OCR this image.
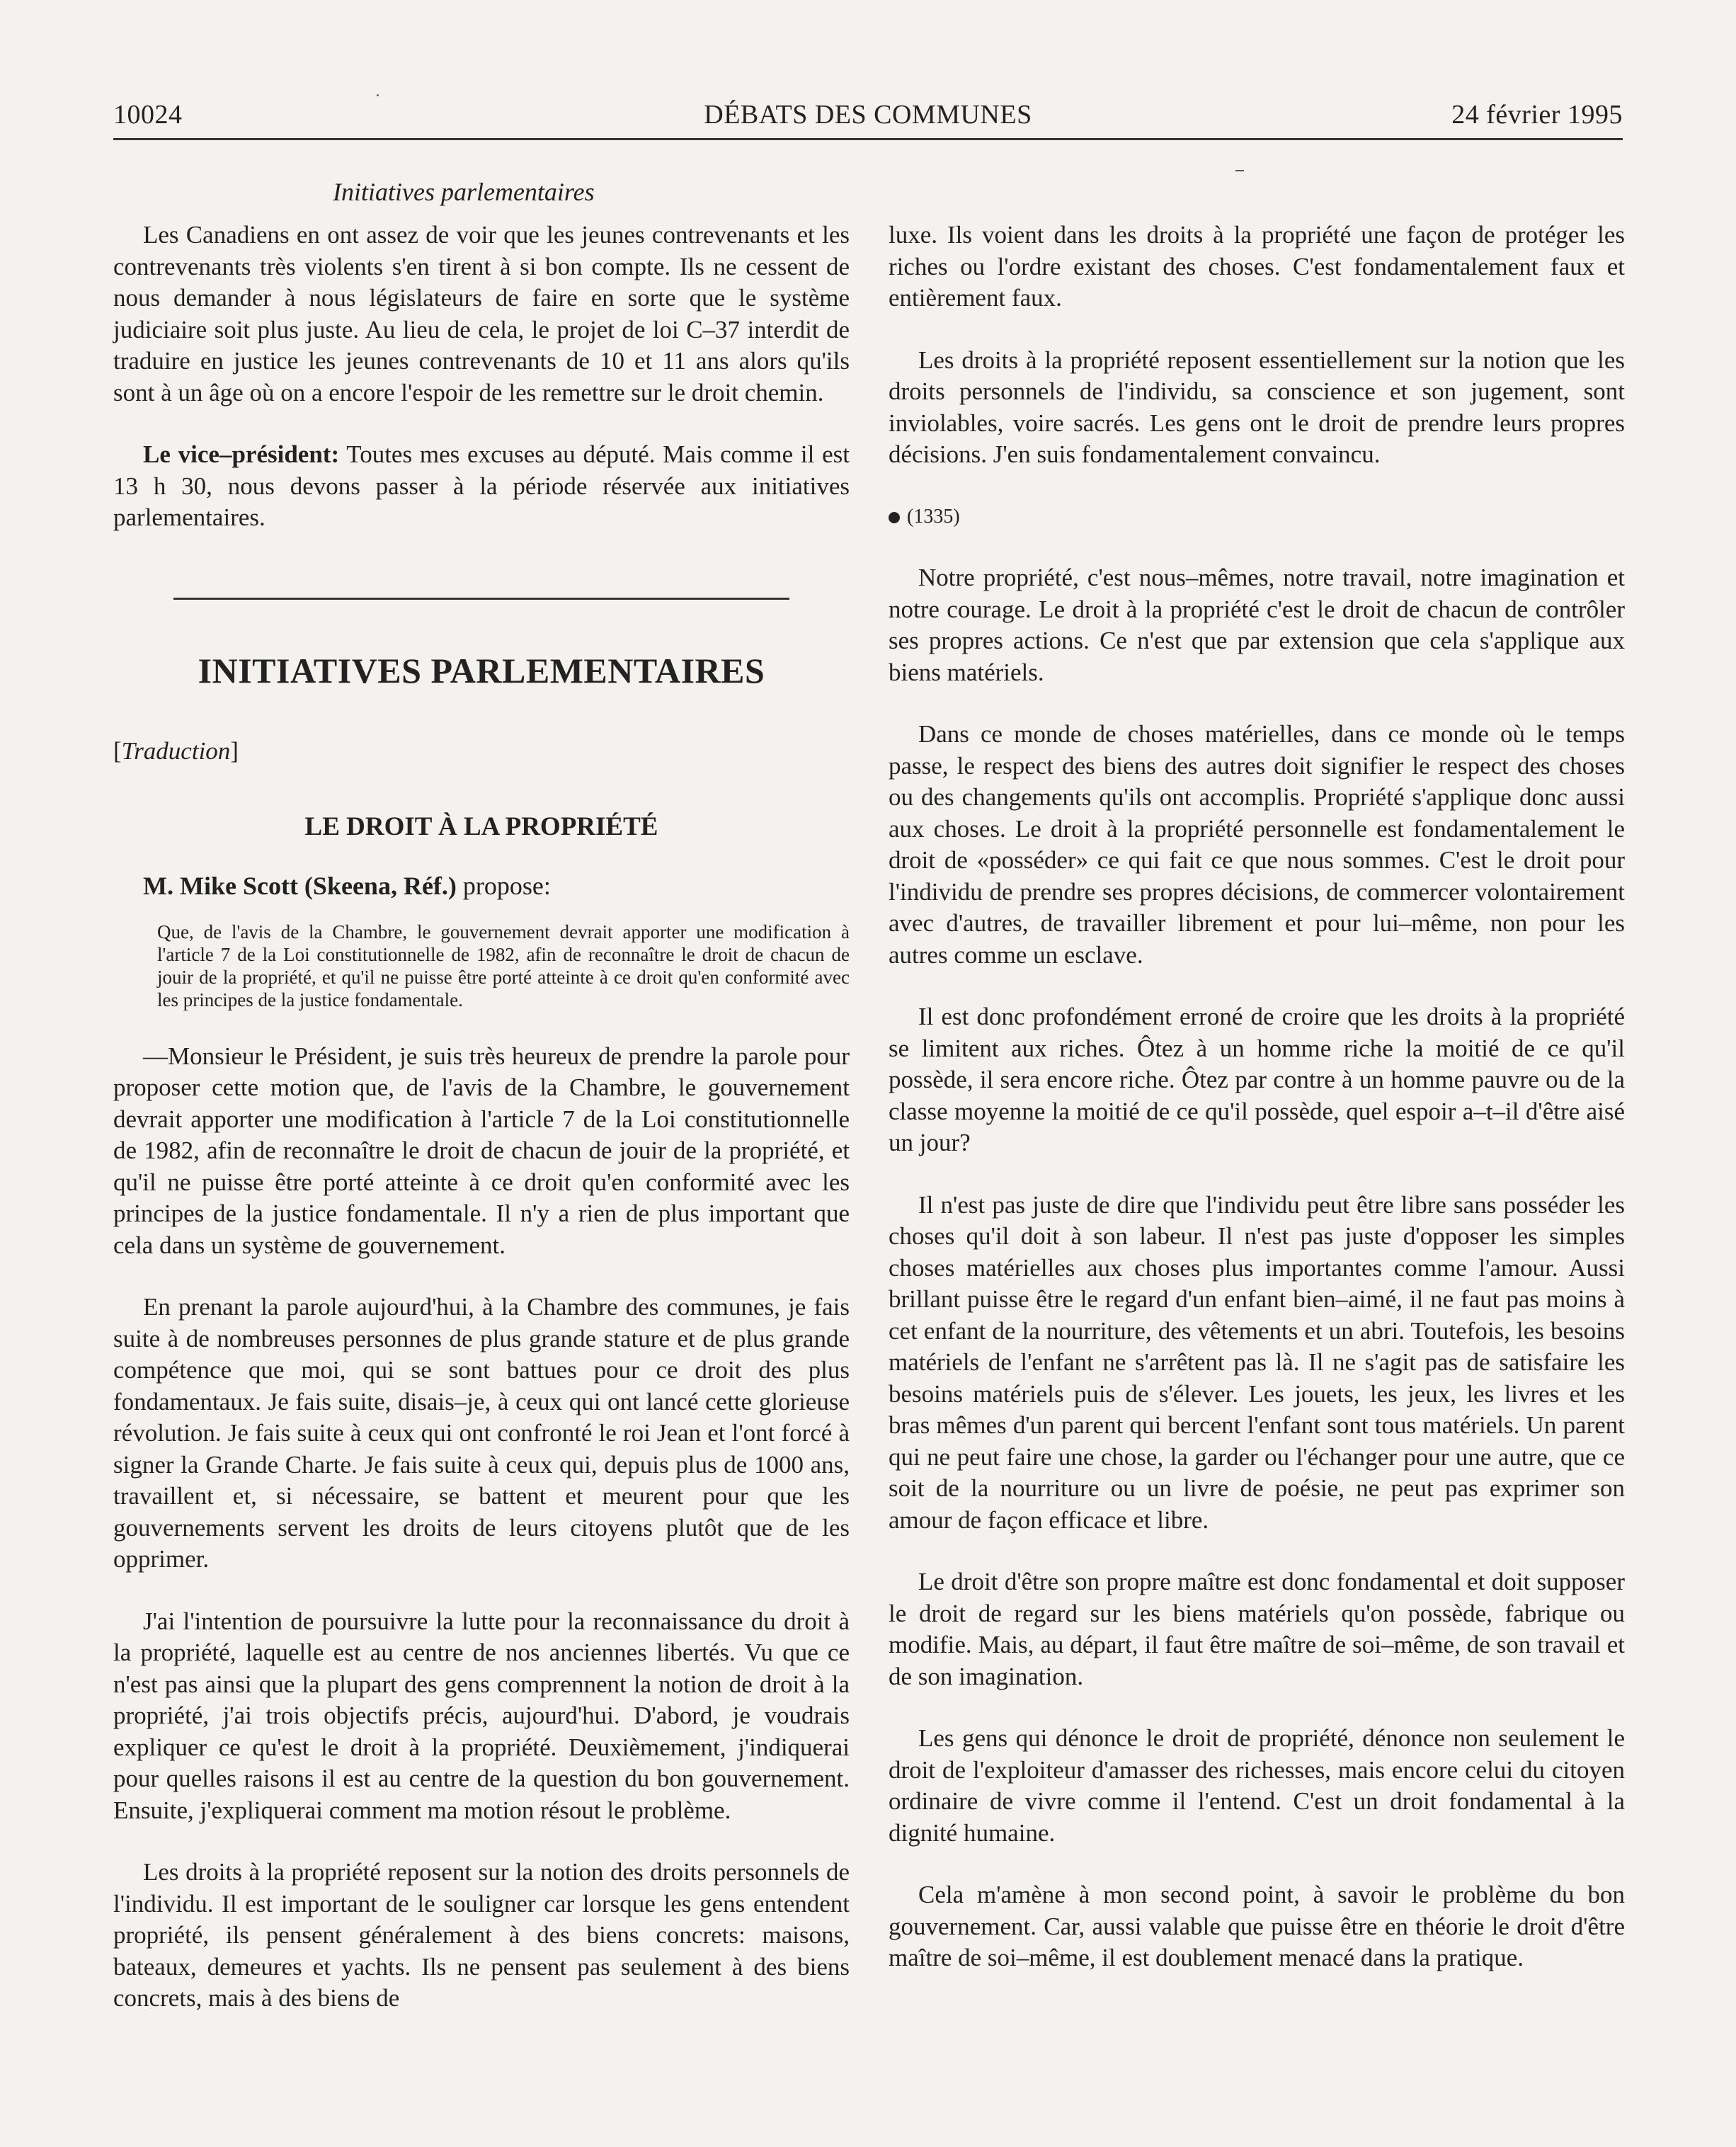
10024	DÉBATS DES COMMUNES	24 février 1995
Initiatives parlementaires

Les Canadiens en ont assez de voir que les jeunes contrevenants et les contrevenants très violents s'en tirent à si bon compte. Ils ne cessent de nous demander à nous législateurs de faire en sorte que le système judiciaire soit plus juste. Au lieu de cela, le projet de loi C–37 interdit de traduire en justice les jeunes contrevenants de 10 et 11 ans alors qu'ils sont à un âge où on a encore l'espoir de les remettre sur le droit chemin.

Le vice–président: Toutes mes excuses au député. Mais comme il est 13 h 30, nous devons passer à la période réservée aux initiatives parlementaires.

INITIATIVES PARLEMENTAIRES
[Traduction]
LE DROIT À LA PROPRIÉTÉ
M. Mike Scott (Skeena, Réf.) propose:
Que, de l'avis de la Chambre, le gouvernement devrait apporter une modification à l'article 7 de la Loi constitutionnelle de 1982, afin de reconnaître le droit de chacun de jouir de la propriété, et qu'il ne puisse être porté atteinte à ce droit qu'en conformité avec les principes de la justice fondamentale.

—Monsieur le Président, je suis très heureux de prendre la parole pour proposer cette motion que, de l'avis de la Chambre, le gouvernement devrait apporter une modification à l'article 7 de la Loi constitutionnelle de 1982, afin de reconnaître le droit de chacun de jouir de la propriété, et qu'il ne puisse être porté atteinte à ce droit qu'en conformité avec les principes de la justice fondamentale. Il n'y a rien de plus important que cela dans un système de gouvernement.

En prenant la parole aujourd'hui, à la Chambre des communes, je fais suite à de nombreuses personnes de plus grande stature et de plus grande compétence que moi, qui se sont battues pour ce droit des plus fondamentaux. Je fais suite, disais–je, à ceux qui ont lancé cette glorieuse révolution. Je fais suite à ceux qui ont confronté le roi Jean et l'ont forcé à signer la Grande Charte. Je fais suite à ceux qui, depuis plus de 1000 ans, travaillent et, si nécessaire, se battent et meurent pour que les gouvernements servent les droits de leurs citoyens plutôt que de les opprimer.

J'ai l'intention de poursuivre la lutte pour la reconnaissance du droit à la propriété, laquelle est au centre de nos anciennes libertés. Vu que ce n'est pas ainsi que la plupart des gens comprennent la notion de droit à la propriété, j'ai trois objectifs précis, aujourd'hui. D'abord, je voudrais expliquer ce qu'est le droit à la propriété. Deuxièmement, j'indiquerai pour quelles raisons il est au centre de la question du bon gouvernement. Ensuite, j'expliquerai comment ma motion résout le problème.

Les droits à la propriété reposent sur la notion des droits personnels de l'individu. Il est important de le souligner car lorsque les gens entendent propriété, ils pensent généralement à des biens concrets: maisons, bateaux, demeures et yachts. Ils ne pensent pas seulement à des biens concrets, mais à des biens de

luxe. Ils voient dans les droits à la propriété une façon de protéger les riches ou l'ordre existant des choses. C'est fondamentalement faux et entièrement faux.

Les droits à la propriété reposent essentiellement sur la notion que les droits personnels de l'individu, sa conscience et son jugement, sont inviolables, voire sacrés. Les gens ont le droit de prendre leurs propres décisions. J'en suis fondamentalement convaincu.

(1335)

Notre propriété, c'est nous–mêmes, notre travail, notre imagination et notre courage. Le droit à la propriété c'est le droit de chacun de contrôler ses propres actions. Ce n'est que par extension que cela s'applique aux biens matériels.

Dans ce monde de choses matérielles, dans ce monde où le temps passe, le respect des biens des autres doit signifier le respect des choses ou des changements qu'ils ont accomplis. Propriété s'applique donc aussi aux choses. Le droit à la propriété personnelle est fondamentalement le droit de «posséder» ce qui fait ce que nous sommes. C'est le droit pour l'individu de prendre ses propres décisions, de commercer volontairement avec d'autres, de travailler librement et pour lui–même, non pour les autres comme un esclave.

Il est donc profondément erroné de croire que les droits à la propriété se limitent aux riches. Ôtez à un homme riche la moitié de ce qu'il possède, il sera encore riche. Ôtez par contre à un homme pauvre ou de la classe moyenne la moitié de ce qu'il possède, quel espoir a–t–il d'être aisé un jour?

Il n'est pas juste de dire que l'individu peut être libre sans posséder les choses qu'il doit à son labeur. Il n'est pas juste d'opposer les simples choses matérielles aux choses plus importantes comme l'amour. Aussi brillant puisse être le regard d'un enfant bien–aimé, il ne faut pas moins à cet enfant de la nourriture, des vêtements et un abri. Toutefois, les besoins matériels de l'enfant ne s'arrêtent pas là. Il ne s'agit pas de satisfaire les besoins matériels puis de s'élever. Les jouets, les jeux, les livres et les bras mêmes d'un parent qui bercent l'enfant sont tous matériels. Un parent qui ne peut faire une chose, la garder ou l'échanger pour une autre, que ce soit de la nourriture ou un livre de poésie, ne peut pas exprimer son amour de façon efficace et libre.

Le droit d'être son propre maître est donc fondamental et doit supposer le droit de regard sur les biens matériels qu'on possède, fabrique ou modifie. Mais, au départ, il faut être maître de soi–même, de son travail et de son imagination.

Les gens qui dénonce le droit de propriété, dénonce non seulement le droit de l'exploiteur d'amasser des richesses, mais encore celui du citoyen ordinaire de vivre comme il l'entend. C'est un droit fondamental à la dignité humaine.

Cela m'amène à mon second point, à savoir le problème du bon gouvernement. Car, aussi valable que puisse être en théorie le droit d'être maître de soi–même, il est doublement menacé dans la pratique.
